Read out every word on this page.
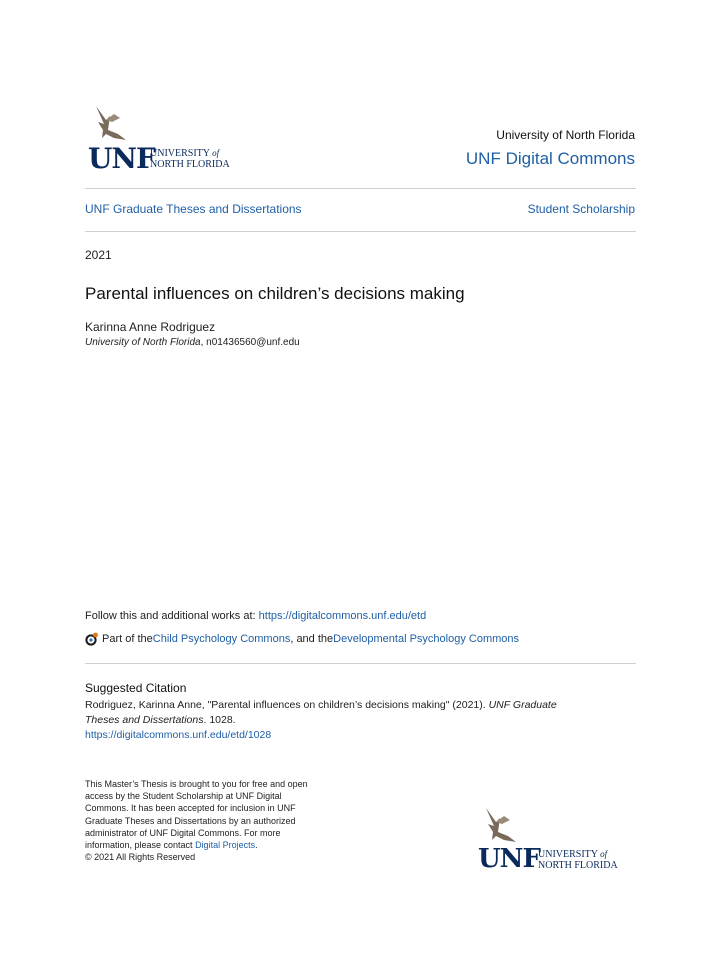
UNF
UNIVERSITY of
NORTH FLORIDA
University of North Florida
UNF Digital Commons
UNF Graduate Theses and Dissertations	Student Scholarship
2021
Parental influences on children’s decisions making
Karinna Anne Rodriguez
University of North Florida, n01436560@unf.edu
Follow this and additional works at: https://digitalcommons.unf.edu/etd
Part of the Child Psychology Commons , and the Developmental Psychology Commons
Suggested Citation
Rodriguez, Karinna Anne, "Parental influences on children’s decisions making" (2021). UNF Graduate
Theses and Dissertations. 1028.
https://digitalcommons.unf.edu/etd/1028
This Master’s Thesis is brought to you for free and open
access by the Student Scholarship at UNF Digital
Commons. It has been accepted for inclusion in UNF
Graduate Theses and Dissertations by an authorized
administrator of UNF Digital Commons. For more
information, please contact Digital Projects.
© 2021 All Rights Reserved	UNF
UNIVERSITY of
NORTH FLORIDA
